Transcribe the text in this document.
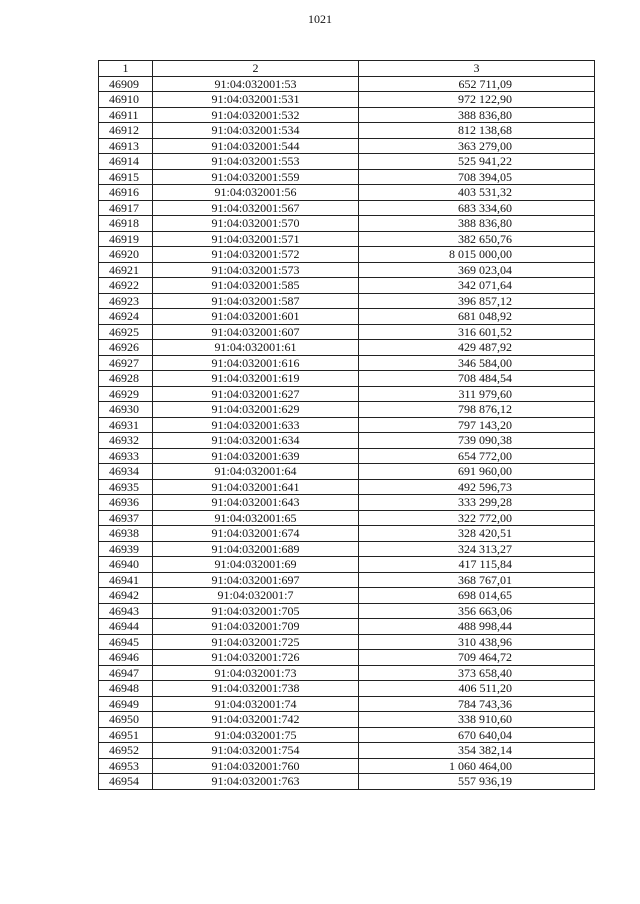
1021
1	2	3
46909	91:04:032001:53	652 711,09
46910	91:04:032001:531	972 122,90
46911	91:04:032001:532	388 836,80
46912	91:04:032001:534	812 138,68
46913	91:04:032001:544	363 279,00
46914	91:04:032001:553	525 941,22
46915	91:04:032001:559	708 394,05
46916	91:04:032001:56	403 531,32
46917	91:04:032001:567	683 334,60
46918	91:04:032001:570	388 836,80
46919	91:04:032001:571	382 650,76
46920	91:04:032001:572	8 015 000,00
46921	91:04:032001:573	369 023,04
46922	91:04:032001:585	342 071,64
46923	91:04:032001:587	396 857,12
46924	91:04:032001:601	681 048,92
46925	91:04:032001:607	316 601,52
46926	91:04:032001:61	429 487,92
46927	91:04:032001:616	346 584,00
46928	91:04:032001:619	708 484,54
46929	91:04:032001:627	311 979,60
46930	91:04:032001:629	798 876,12
46931	91:04:032001:633	797 143,20
46932	91:04:032001:634	739 090,38
46933	91:04:032001:639	654 772,00
46934	91:04:032001:64	691 960,00
46935	91:04:032001:641	492 596,73
46936	91:04:032001:643	333 299,28
46937	91:04:032001:65	322 772,00
46938	91:04:032001:674	328 420,51
46939	91:04:032001:689	324 313,27
46940	91:04:032001:69	417 115,84
46941	91:04:032001:697	368 767,01
46942	91:04:032001:7	698 014,65
46943	91:04:032001:705	356 663,06
46944	91:04:032001:709	488 998,44
46945	91:04:032001:725	310 438,96
46946	91:04:032001:726	709 464,72
46947	91:04:032001:73	373 658,40
46948	91:04:032001:738	406 511,20
46949	91:04:032001:74	784 743,36
46950	91:04:032001:742	338 910,60
46951	91:04:032001:75	670 640,04
46952	91:04:032001:754	354 382,14
46953	91:04:032001:760	1 060 464,00
46954	91:04:032001:763	557 936,19
